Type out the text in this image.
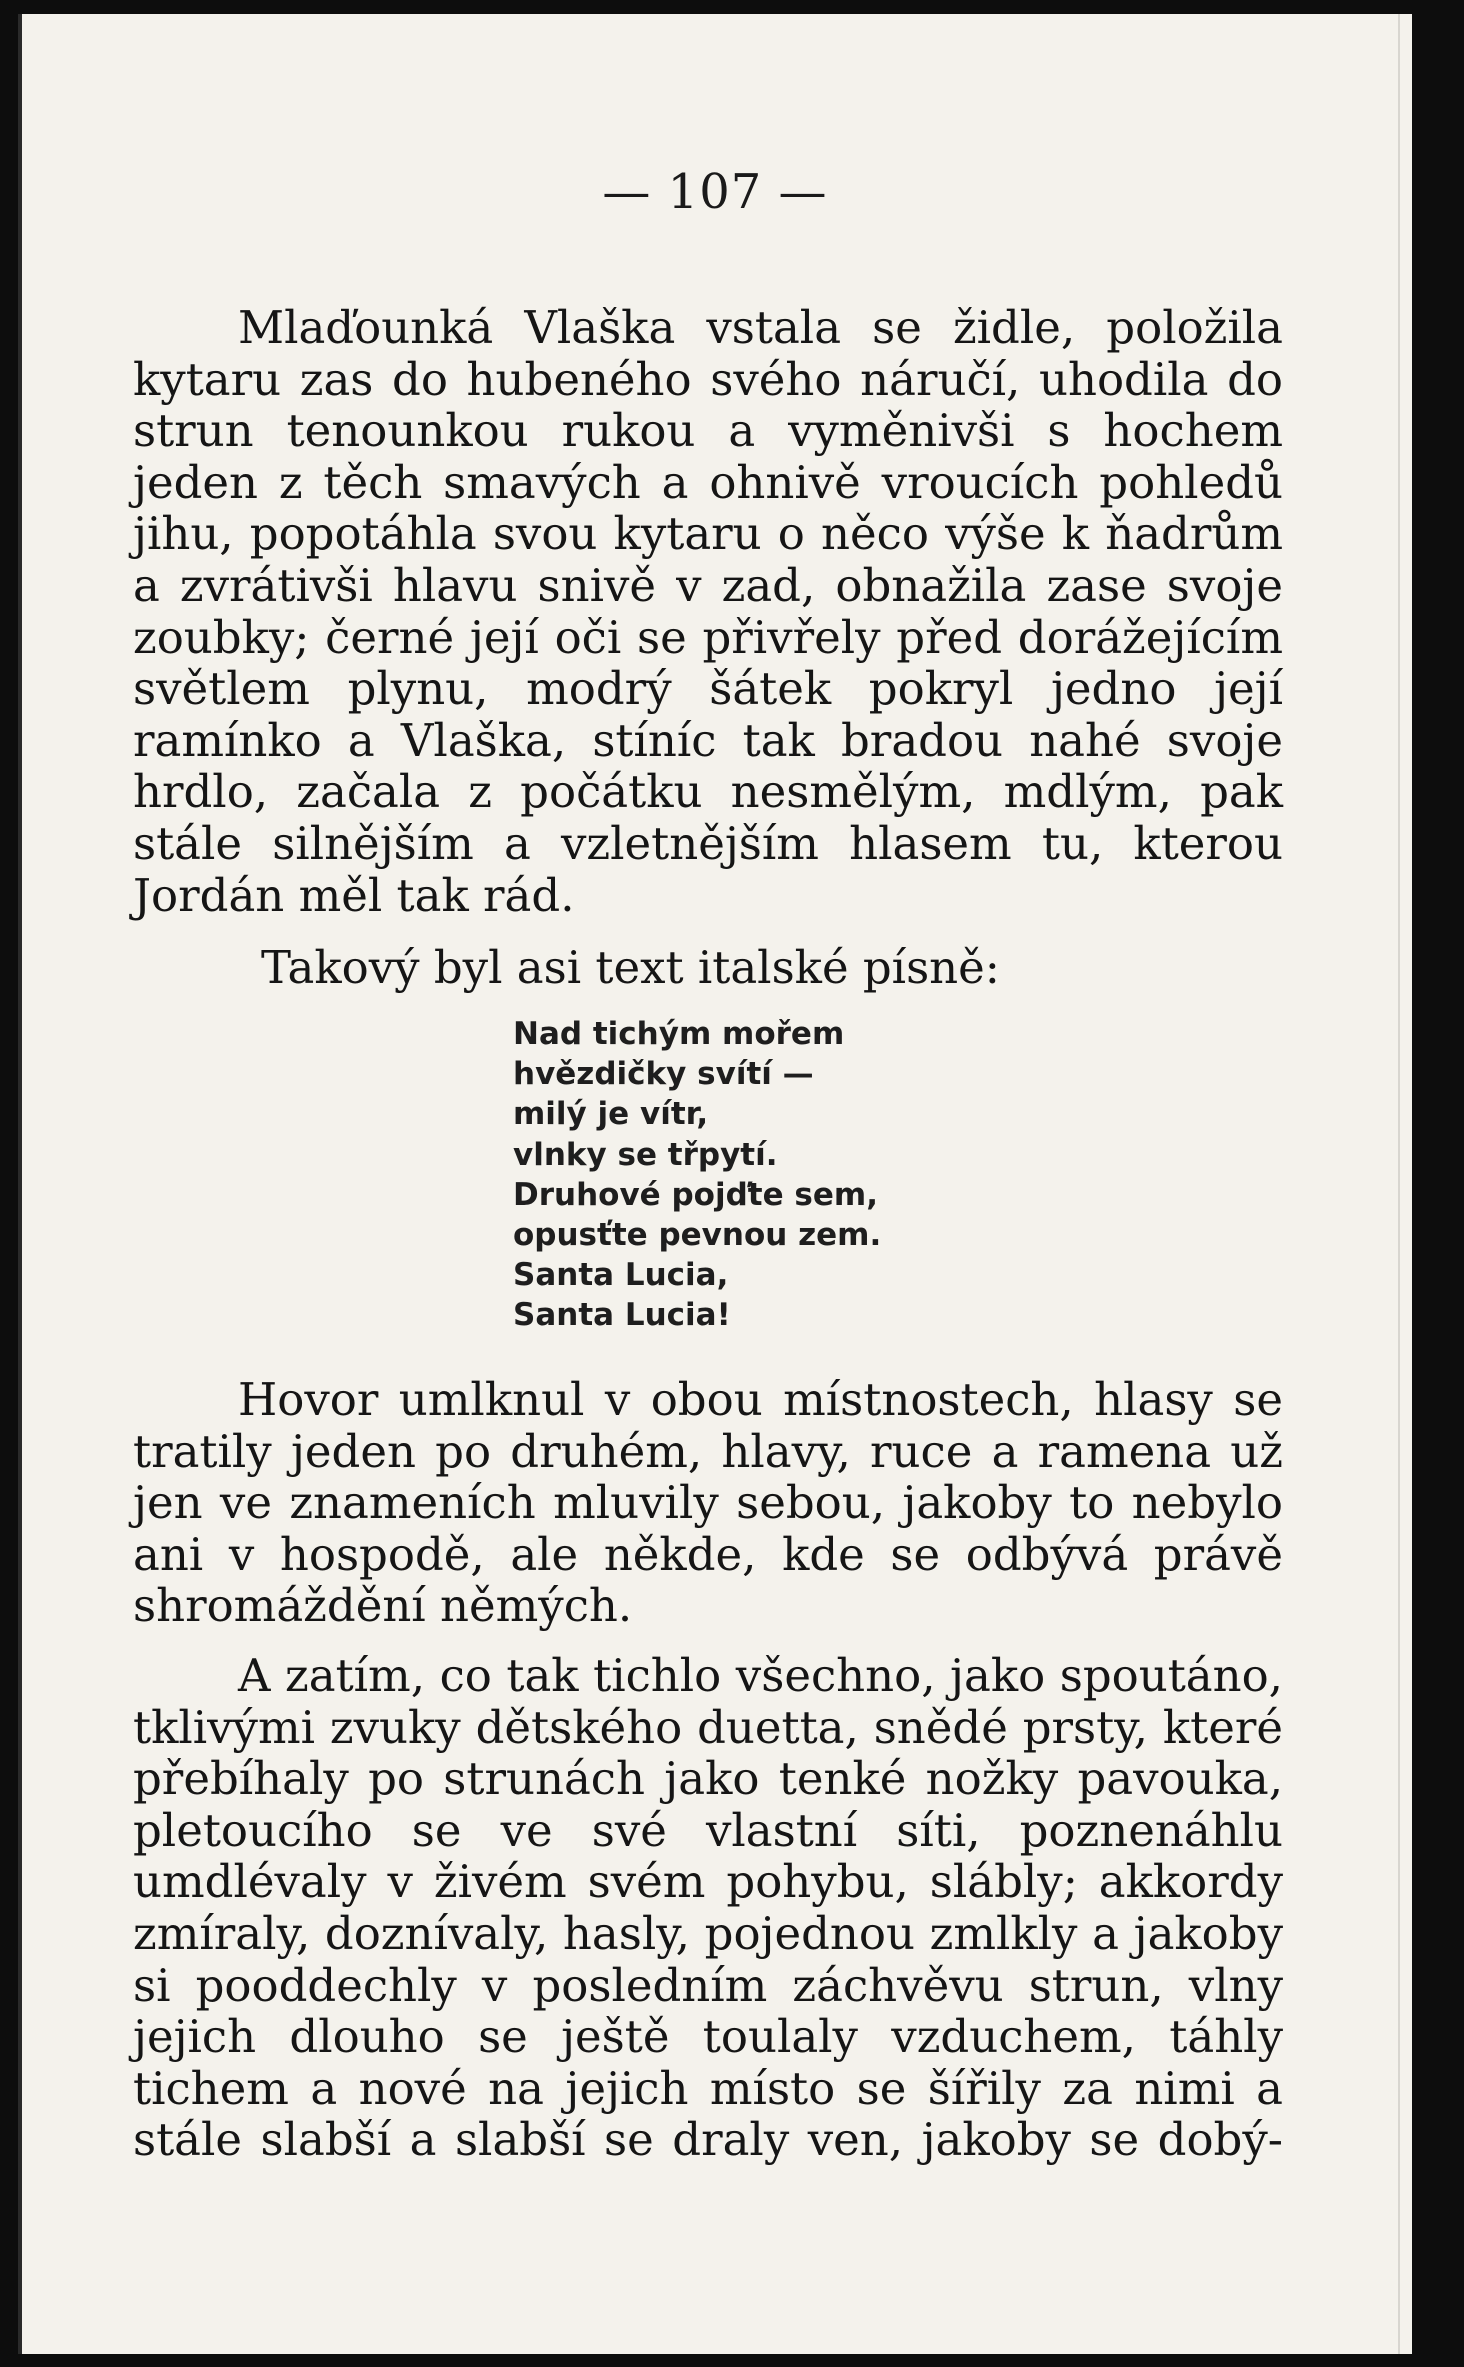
— 107 —

Mlaďounká Vlaška vstala se židle, položila kytaru zas do hubeného svého náručí, uhodila do strun tenounkou rukou a vyměnivši s hochem jeden z těch smavých a ohnivě vroucích pohledů jihu, popotáhla svou kytaru o něco výše k ňadrům a zvrátivši hlavu snivě v zad, obnažila zase svoje zoubky; černé její oči se přivřely před dorážejícím světlem plynu, modrý šátek pokryl jedno její ramínko a Vlaška, stíníc tak bradou nahé svoje hrdlo, začala z počátku nesmělým, mdlým, pak stále silnějším a vzletnějším hlasem tu, kterou Jordán měl tak rád.

Takový byl asi text italské písně:

Nad tichým mořem
hvězdičky svítí —
milý je vítr,
vlnky se třpytí.
Druhové pojďte sem,
opusťte pevnou zem.
Santa Lucia,
Santa Lucia!

Hovor umlknul v obou místnostech, hlasy se tratily jeden po druhém, hlavy, ruce a ramena už jen ve znameních mluvily sebou, jakoby to nebylo ani v hospodě, ale někde, kde se odbývá právě shromáždění němých.

A zatím, co tak tichlo všechno, jako spoutáno, tklivými zvuky dětského duetta, snědé prsty, které přebíhaly po strunách jako tenké nožky pavouka, pletoucího se ve své vlastní síti, poznenáhlu umdlévaly v živém svém pohybu, slábly; akkordy zmíraly, doznívaly, hasly, pojednou zmlkly a jakoby si pooddechly v posledním záchvěvu strun, vlny jejich dlouho se ještě toulaly vzduchem, táhly tichem a nové na jejich místo se šířily za nimi a stále slabší a slabší se draly ven, jakoby se dobý-
